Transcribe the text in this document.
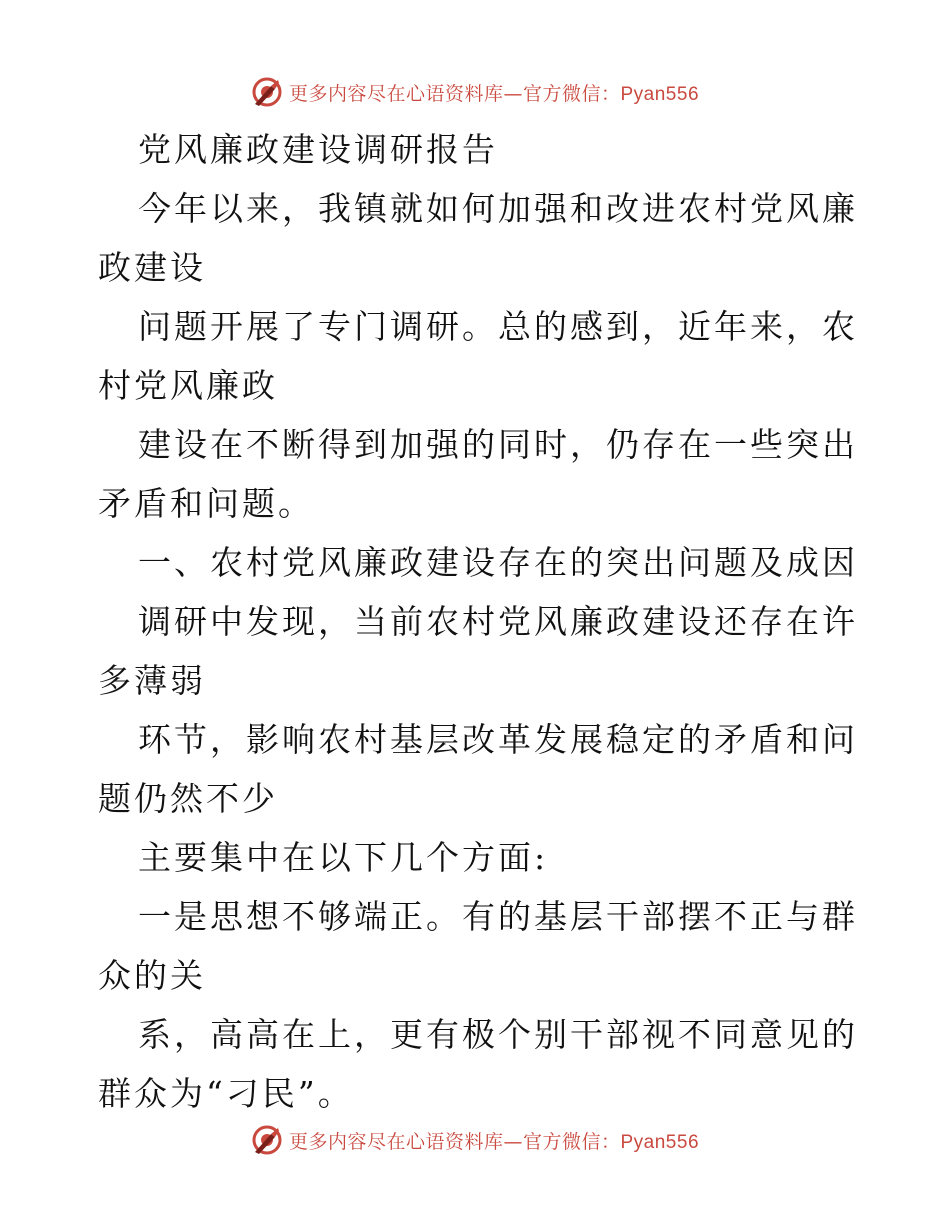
更多内容尽在心语资料库—官方微信：Pyan556

党风廉政建设调研报告

今年以来，我镇就如何加强和改进农村党风廉政建设

问题开展了专门调研。总的感到，近年来，农村党风廉政

建设在不断得到加强的同时，仍存在一些突出矛盾和问题。

一、农村党风廉政建设存在的突出问题及成因

调研中发现，当前农村党风廉政建设还存在许多薄弱

环节，影响农村基层改革发展稳定的矛盾和问题仍然不少

主要集中在以下几个方面:

一是思想不够端正。有的基层干部摆不正与群众的关

系，高高在上，更有极个别干部视不同意见的群众为“刁民”。

更多内容尽在心语资料库—官方微信：Pyan556
